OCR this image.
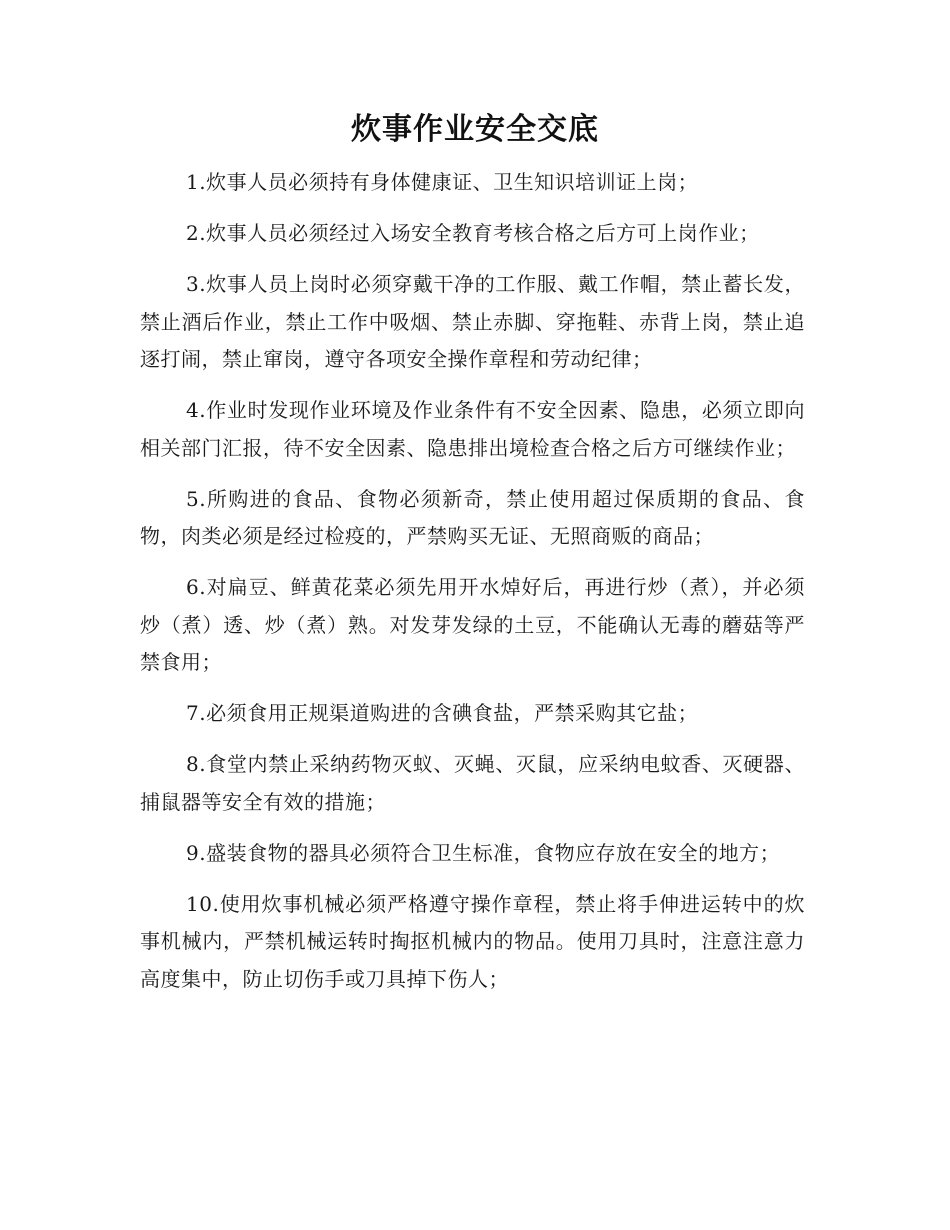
炊事作业安全交底

1.炊事人员必须持有身体健康证、卫生知识培训证上岗；

2.炊事人员必须经过入场安全教育考核合格之后方可上岗作业；

3.炊事人员上岗时必须穿戴干净的工作服、戴工作帽，禁止蓄长发，禁止酒后作业，禁止工作中吸烟、禁止赤脚、穿拖鞋、赤背上岗，禁止追逐打闹，禁止窜岗，遵守各项安全操作章程和劳动纪律；

4.作业时发现作业环境及作业条件有不安全因素、隐患，必须立即向相关部门汇报，待不安全因素、隐患排出境检查合格之后方可继续作业；

5.所购进的食品、食物必须新奇，禁止使用超过保质期的食品、食物，肉类必须是经过检疫的，严禁购买无证、无照商贩的商品；

6.对扁豆、鲜黄花菜必须先用开水焯好后，再进行炒（煮），并必须炒（煮）透、炒（煮）熟。对发芽发绿的土豆，不能确认无毒的蘑菇等严禁食用；

7.必须食用正规渠道购进的含碘食盐，严禁采购其它盐；

8.食堂内禁止采纳药物灭蚁、灭蝇、灭鼠，应采纳电蚊香、灭硬器、捕鼠器等安全有效的措施；

9.盛装食物的器具必须符合卫生标准，食物应存放在安全的地方；

10.使用炊事机械必须严格遵守操作章程，禁止将手伸进运转中的炊事机械内，严禁机械运转时掏抠机械内的物品。使用刀具时，注意注意力高度集中，防止切伤手或刀具掉下伤人；
